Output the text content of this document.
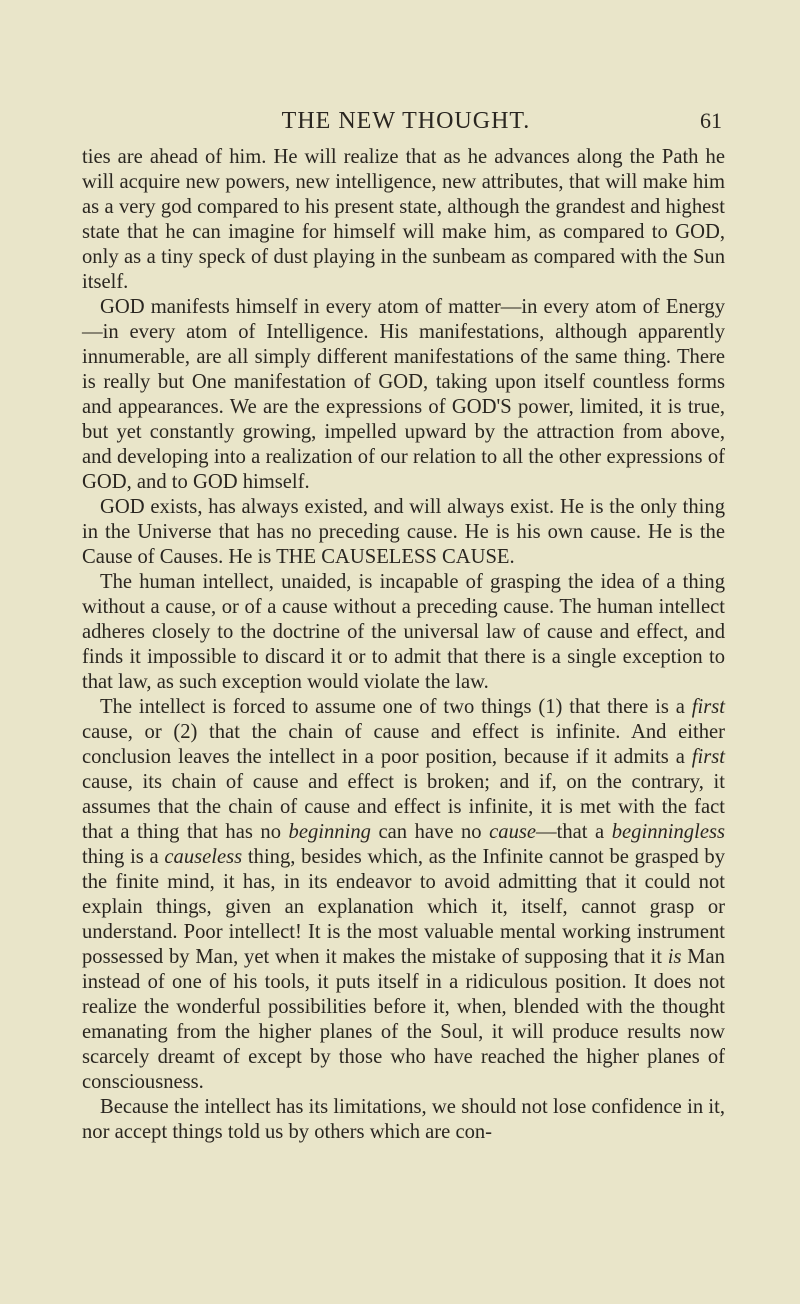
THE NEW THOUGHT.	61

ties are ahead of him. He will realize that as he advances along the Path he will acquire new powers, new intelligence, new attributes, that will make him as a very god compared to his present state, although the grandest and highest state that he can imagine for himself will make him, as compared to GOD, only as a tiny speck of dust playing in the sunbeam as compared with the Sun itself.

GOD manifests himself in every atom of matter—in every atom of Energy—in every atom of Intelligence. His manifestations, although apparently innumerable, are all simply different manifestations of the same thing. There is really but One manifestation of GOD, taking upon itself countless forms and appearances. We are the expressions of GOD'S power, limited, it is true, but yet constantly growing, impelled upward by the attraction from above, and developing into a realization of our relation to all the other expressions of GOD, and to GOD himself.

GOD exists, has always existed, and will always exist. He is the only thing in the Universe that has no preceding cause. He is his own cause. He is the Cause of Causes. He is THE CAUSELESS CAUSE.

The human intellect, unaided, is incapable of grasping the idea of a thing without a cause, or of a cause without a preceding cause. The human intellect adheres closely to the doctrine of the universal law of cause and effect, and finds it impossible to discard it or to admit that there is a single exception to that law, as such exception would violate the law.

The intellect is forced to assume one of two things (1) that there is a first cause, or (2) that the chain of cause and effect is infinite. And either conclusion leaves the intellect in a poor position, because if it admits a first cause, its chain of cause and effect is broken; and if, on the contrary, it assumes that the chain of cause and effect is infinite, it is met with the fact that a thing that has no beginning can have no cause—that a beginningless thing is a causeless thing, besides which, as the Infinite cannot be grasped by the finite mind, it has, in its endeavor to avoid admitting that it could not explain things, given an explanation which it, itself, cannot grasp or understand. Poor intellect! It is the most valuable mental working instrument possessed by Man, yet when it makes the mistake of supposing that it is Man instead of one of his tools, it puts itself in a ridiculous position. It does not realize the wonderful possibilities before it, when, blended with the thought emanating from the higher planes of the Soul, it will produce results now scarcely dreamt of except by those who have reached the higher planes of consciousness.

Because the intellect has its limitations, we should not lose confidence in it, nor accept things told us by others which are con-
